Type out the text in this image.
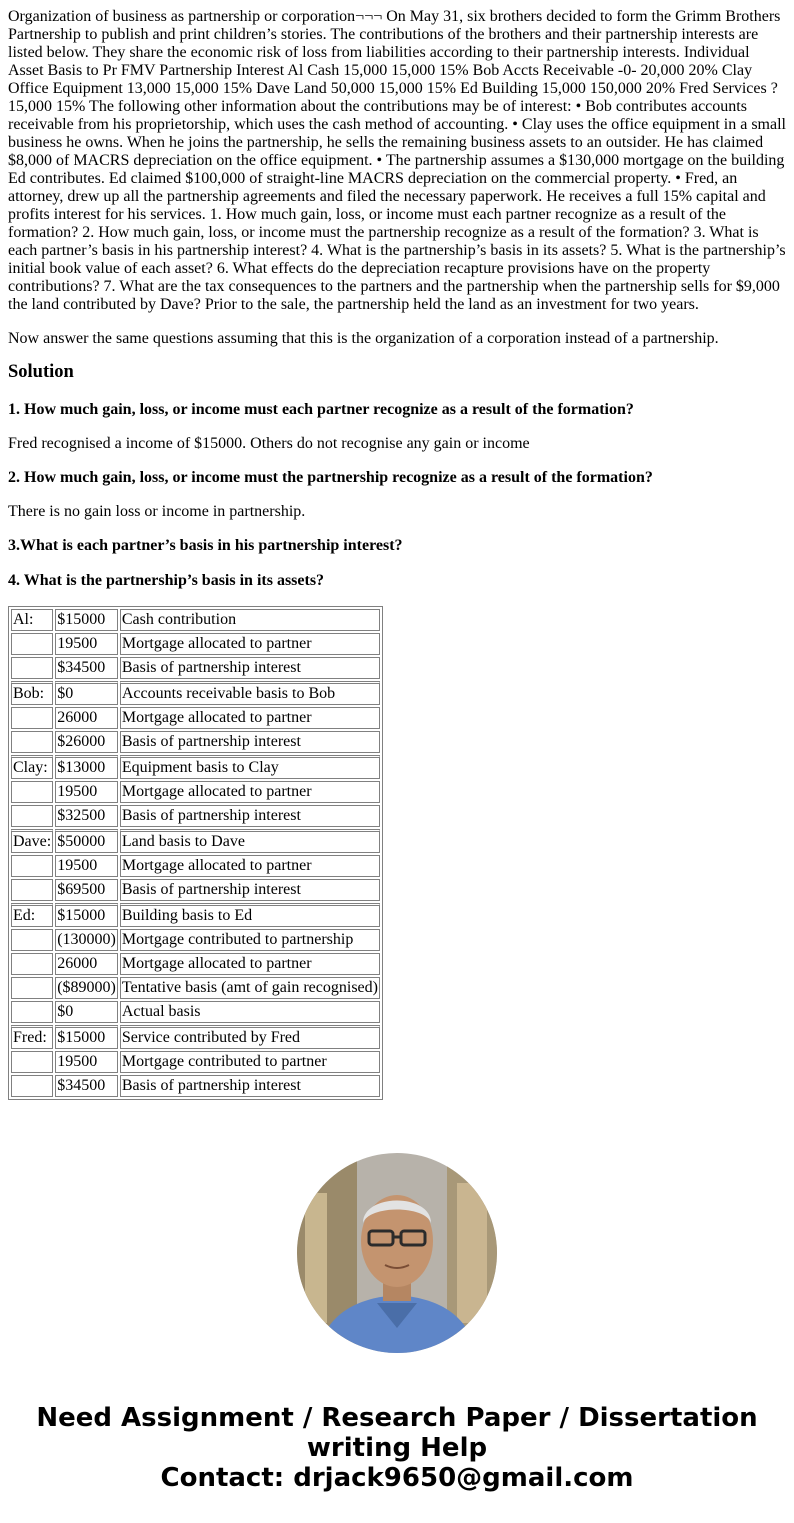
Organization of business as partnership or corporation¬¬¬ On May 31, six brothers decided to form the Grimm Brothers Partnership to publish and print children’s stories. The contributions of the brothers and their partnership interests are listed below. They share the economic risk of loss from liabilities according to their partnership interests. Individual Asset Basis to Pr FMV Partnership Interest Al Cash 15,000 15,000 15% Bob Accts Receivable -0- 20,000 20% Clay Office Equipment 13,000 15,000 15% Dave Land 50,000 15,000 15% Ed Building 15,000 150,000 20% Fred Services ? 15,000 15% The following other information about the contributions may be of interest: • Bob contributes accounts receivable from his proprietorship, which uses the cash method of accounting. • Clay uses the office equipment in a small business he owns. When he joins the partnership, he sells the remaining business assets to an outsider. He has claimed $8,000 of MACRS depreciation on the office equipment. • The partnership assumes a $130,000 mortgage on the building Ed contributes. Ed claimed $100,000 of straight-line MACRS depreciation on the commercial property. • Fred, an attorney, drew up all the partnership agreements and filed the necessary paperwork. He receives a full 15% capital and profits interest for his services. 1. How much gain, loss, or income must each partner recognize as a result of the formation? 2. How much gain, loss, or income must the partnership recognize as a result of the formation? 3. What is each partner’s basis in his partnership interest? 4. What is the partnership’s basis in its assets? 5. What is the partnership’s initial book value of each asset? 6. What effects do the depreciation recapture provisions have on the property contributions? 7. What are the tax consequences to the partners and the partnership when the partnership sells for $9,000 the land contributed by Dave? Prior to the sale, the partnership held the land as an investment for two years.

Now answer the same questions assuming that this is the organization of a corporation instead of a partnership.

Solution
1. How much gain, loss, or income must each partner recognize as a result of the formation?

Fred recognised a income of $15000. Others do not recognise any gain or income

2. How much gain, loss, or income must the partnership recognize as a result of the formation?

There is no gain loss or income in partnership.

3.What is each partner’s basis in his partnership interest?
4. What is the partnership’s basis in its assets?
Al:	$15000	Cash contribution
	19500	Mortgage allocated to partner
	$34500	Basis of partnership interest
Bob:	$0	Accounts receivable basis to Bob
	26000	Mortgage allocated to partner
	$26000	Basis of partnership interest
Clay:	$13000	Equipment basis to Clay
	19500	Mortgage allocated to partner
	$32500	Basis of partnership interest
Dave:	$50000	Land basis to Dave
	19500	Mortgage allocated to partner
	$69500	Basis of partnership interest
Ed:	$15000	Building basis to Ed
	(130000)	Mortgage contributed to partnership
	26000	Mortgage allocated to partner
	($89000)	Tentative basis (amt of gain recognised)
	$0	Actual basis
Fred:	$15000	Service contributed by Fred
	19500	Mortgage contributed to partner
	$34500	Basis of partnership interest
Need Assignment / Research Paper / Dissertation writing Help
Contact: drjack9650@gmail.com
